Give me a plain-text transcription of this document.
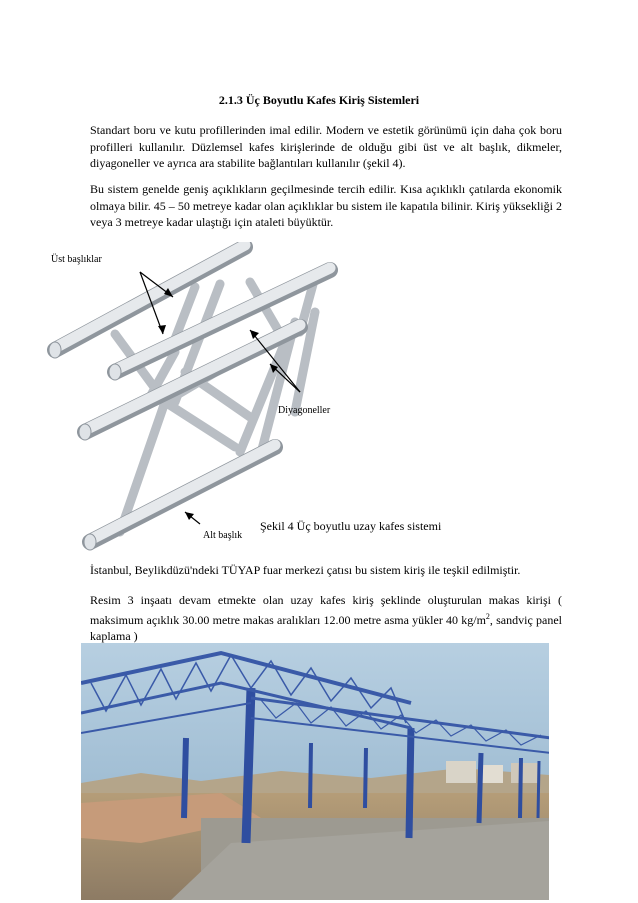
2.1.3 Üç Boyutlu Kafes Kiriş Sistemleri

Standart boru ve kutu profillerinden imal edilir. Modern ve estetik görünümü için daha çok boru profilleri kullanılır. Düzlemsel kafes kirişlerinde de olduğu gibi üst ve alt başlık, dikmeler, diyagoneller ve ayrıca ara stabilite bağlantıları kullanılır (şekil 4).

Bu sistem genelde geniş açıklıkların geçilmesinde tercih edilir. Kısa açıklıklı çatılarda ekonomik olmaya bilir. 45 – 50 metreye kadar olan açıklıklar bu sistem ile kapatıla bilinir. Kiriş yüksekliği 2 veya 3 metreye kadar ulaştığı için ataleti büyüktür.

Üst başlıklar
Diyagoneller
Alt başlık
Şekil 4 Üç boyutlu uzay kafes sistemi

İstanbul, Beylikdüzü'ndeki TÜYAP fuar merkezi çatısı bu sistem kiriş ile teşkil edilmiştir.

Resim 3 inşaatı devam etmekte olan uzay kafes kiriş şeklinde oluşturulan makas kirişi ( maksimum açıklık 30.00 metre makas aralıkları 12.00 metre asma yükler 40 $kg/m^2$, sandviç panel kaplama )
